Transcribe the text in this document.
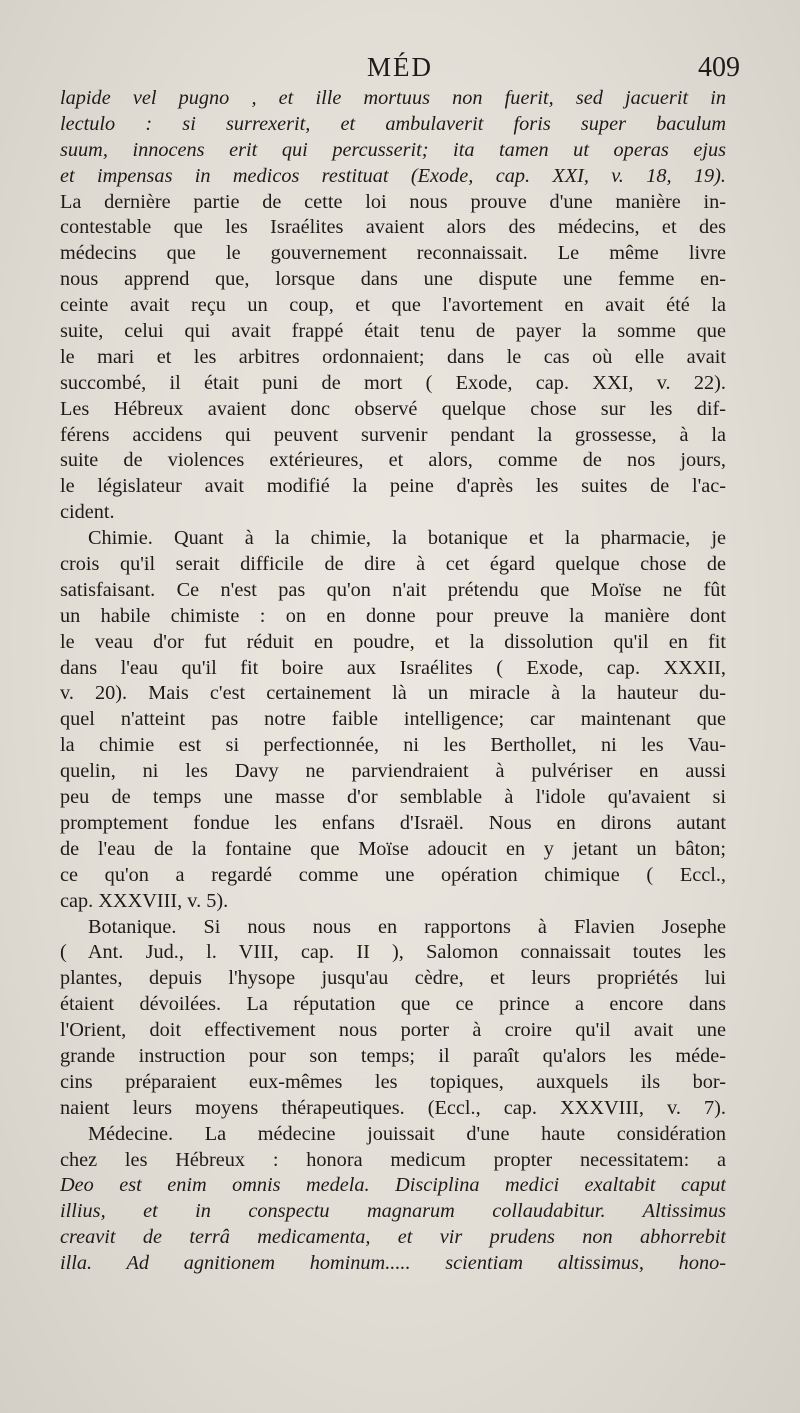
MÉD	409
lapide vel pugno , et ille mortuus non fuerit, sed jacuerit in
lectulo : si surrexerit, et ambulaverit foris super baculum
suum, innocens erit qui percusserit; ita tamen ut operas ejus
et impensas in medicos restituat (Exode, cap. XXI, v. 18, 19).
La dernière partie de cette loi nous prouve d'une manière in-
contestable que les Israélites avaient alors des médecins, et des
médecins que le gouvernement reconnaissait. Le même livre
nous apprend que, lorsque dans une dispute une femme en-
ceinte avait reçu un coup, et que l'avortement en avait été la
suite, celui qui avait frappé était tenu de payer la somme que
le mari et les arbitres ordonnaient; dans le cas où elle avait
succombé, il était puni de mort ( Exode, cap. XXI, v. 22).
Les Hébreux avaient donc observé quelque chose sur les dif-
férens accidens qui peuvent survenir pendant la grossesse, à la
suite de violences extérieures, et alors, comme de nos jours,
le législateur avait modifié la peine d'après les suites de l'ac-
cident.
Chimie. Quant à la chimie, la botanique et la pharmacie, je
crois qu'il serait difficile de dire à cet égard quelque chose de
satisfaisant. Ce n'est pas qu'on n'ait prétendu que Moïse ne fût
un habile chimiste : on en donne pour preuve la manière dont
le veau d'or fut réduit en poudre, et la dissolution qu'il en fit
dans l'eau qu'il fit boire aux Israélites ( Exode, cap. XXXII,
v. 20). Mais c'est certainement là un miracle à la hauteur du-
quel n'atteint pas notre faible intelligence; car maintenant que
la chimie est si perfectionnée, ni les Berthollet, ni les Vau-
quelin, ni les Davy ne parviendraient à pulvériser en aussi
peu de temps une masse d'or semblable à l'idole qu'avaient si
promptement fondue les enfans d'Israël. Nous en dirons autant
de l'eau de la fontaine que Moïse adoucit en y jetant un bâton;
ce qu'on a regardé comme une opération chimique ( Eccl.,
cap. XXXVIII, v. 5).
Botanique. Si nous nous en rapportons à Flavien Josephe
( Ant. Jud., l. VIII, cap. II ), Salomon connaissait toutes les
plantes, depuis l'hysope jusqu'au cèdre, et leurs propriétés lui
étaient dévoilées. La réputation que ce prince a encore dans
l'Orient, doit effectivement nous porter à croire qu'il avait une
grande instruction pour son temps; il paraît qu'alors les méde-
cins préparaient eux-mêmes les topiques, auxquels ils bor-
naient leurs moyens thérapeutiques. (Eccl., cap. XXXVIII, v. 7).
Médecine. La médecine jouissait d'une haute considération
chez les Hébreux : honora medicum propter necessitatem: a
Deo est enim omnis medela. Disciplina medici exaltabit caput
illius, et in conspectu magnarum collaudabitur. Altissimus
creavit de terrâ medicamenta, et vir prudens non abhorrebit
illa. Ad agnitionem hominum..... scientiam altissimus, hono-
